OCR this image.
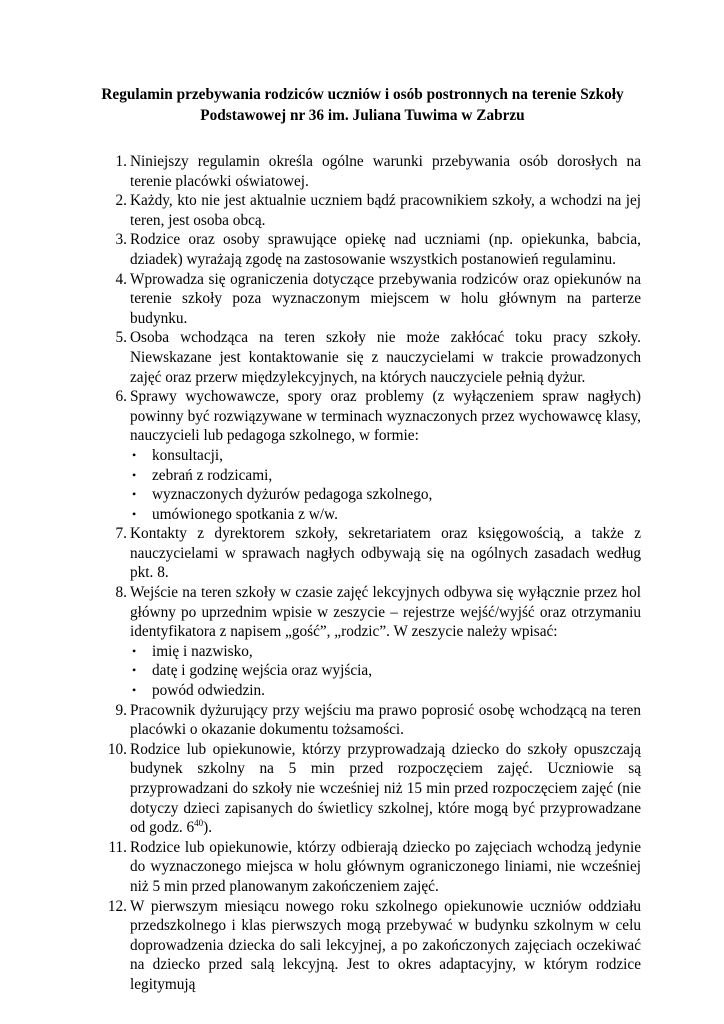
Regulamin przebywania rodziców uczniów i osób postronnych na terenie Szkoły
Podstawowej nr 36 im. Juliana Tuwima w Zabrzu
1. Niniejszy regulamin określa ogólne warunki przebywania osób dorosłych na terenie placówki oświatowej.
2. Każdy, kto nie jest aktualnie uczniem bądź pracownikiem szkoły, a wchodzi na jej teren, jest osoba obcą.
3. Rodzice oraz osoby sprawujące opiekę nad uczniami (np. opiekunka, babcia, dziadek) wyrażają zgodę na zastosowanie wszystkich postanowień regulaminu.
4. Wprowadza się ograniczenia dotyczące przebywania rodziców oraz opiekunów na terenie szkoły poza wyznaczonym miejscem w holu głównym na parterze budynku.
5. Osoba wchodząca na teren szkoły nie może zakłócać toku pracy szkoły. Niewskazane jest kontaktowanie się z nauczycielami w trakcie prowadzonych zajęć oraz przerw międzylekcyjnych, na których nauczyciele pełnią dyżur.
6. Sprawy wychowawcze, spory oraz problemy (z wyłączeniem spraw nagłych) powinny być rozwiązywane w terminach wyznaczonych przez wychowawcę klasy, nauczycieli lub pedagoga szkolnego, w formie:
• konsultacji,
• zebrań z rodzicami,
• wyznaczonych dyżurów pedagoga szkolnego,
• umówionego spotkania z w/w.
7. Kontakty z dyrektorem szkoły, sekretariatem oraz księgowością, a także z nauczycielami w sprawach nagłych odbywają się na ogólnych zasadach według pkt. 8.
8. Wejście na teren szkoły w czasie zajęć lekcyjnych odbywa się wyłącznie przez hol główny po uprzednim wpisie w zeszycie – rejestrze wejść/wyjść oraz otrzymaniu identyfikatora z napisem „gość”, „rodzic”. W zeszycie należy wpisać:
• imię i nazwisko,
• datę i godzinę wejścia oraz wyjścia,
• powód odwiedzin.
9. Pracownik dyżurujący przy wejściu ma prawo poprosić osobę wchodzącą na teren placówki o okazanie dokumentu tożsamości.
10. Rodzice lub opiekunowie, którzy przyprowadzają dziecko do szkoły opuszczają budynek szkolny na 5 min przed rozpoczęciem zajęć. Uczniowie są przyprowadzani do szkoły nie wcześniej niż 15 min przed rozpoczęciem zajęć (nie dotyczy dzieci zapisanych do świetlicy szkolnej, które mogą być przyprowadzane od godz. $6^{40}$).
11. Rodzice lub opiekunowie, którzy odbierają dziecko po zajęciach wchodzą jedynie do wyznaczonego miejsca w holu głównym ograniczonego liniami, nie wcześniej niż 5 min przed planowanym zakończeniem zajęć.
12. W pierwszym miesiącu nowego roku szkolnego opiekunowie uczniów oddziału przedszkolnego i klas pierwszych mogą przebywać w budynku szkolnym w celu doprowadzenia dziecka do sali lekcyjnej, a po zakończonych zajęciach oczekiwać na dziecko przed salą lekcyjną. Jest to okres adaptacyjny, w którym rodzice legitymują
